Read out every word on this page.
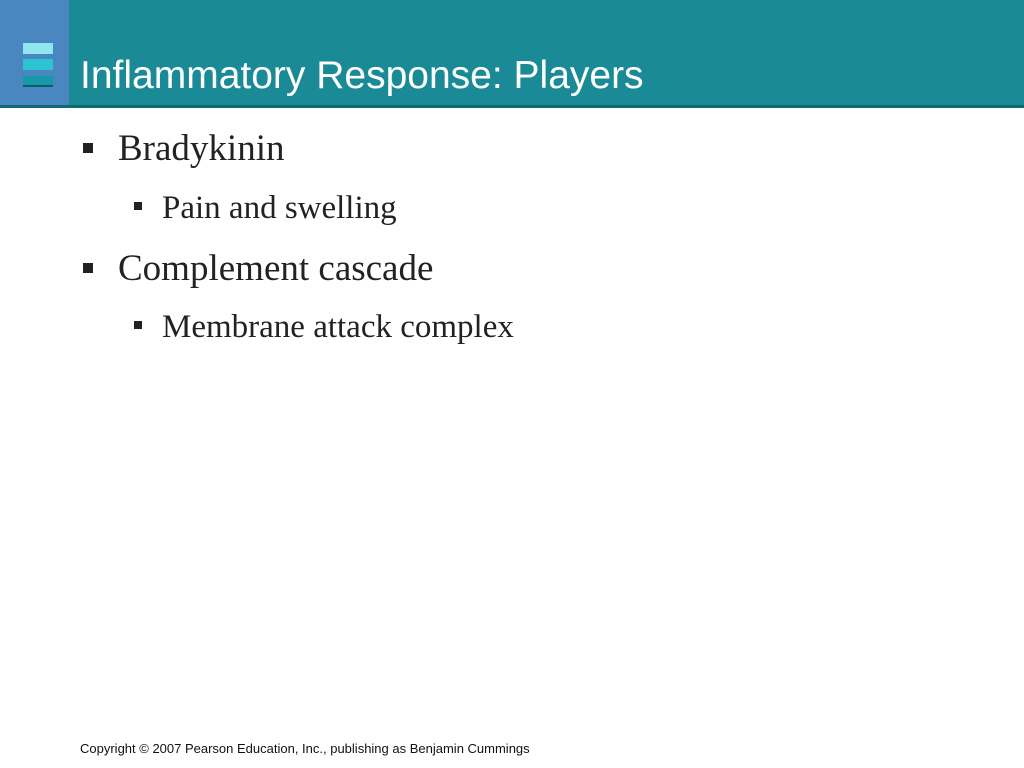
Inflammatory Response: Players
Bradykinin
Pain and swelling
Complement cascade
Membrane attack complex
Copyright © 2007 Pearson Education, Inc., publishing as Benjamin Cummings
